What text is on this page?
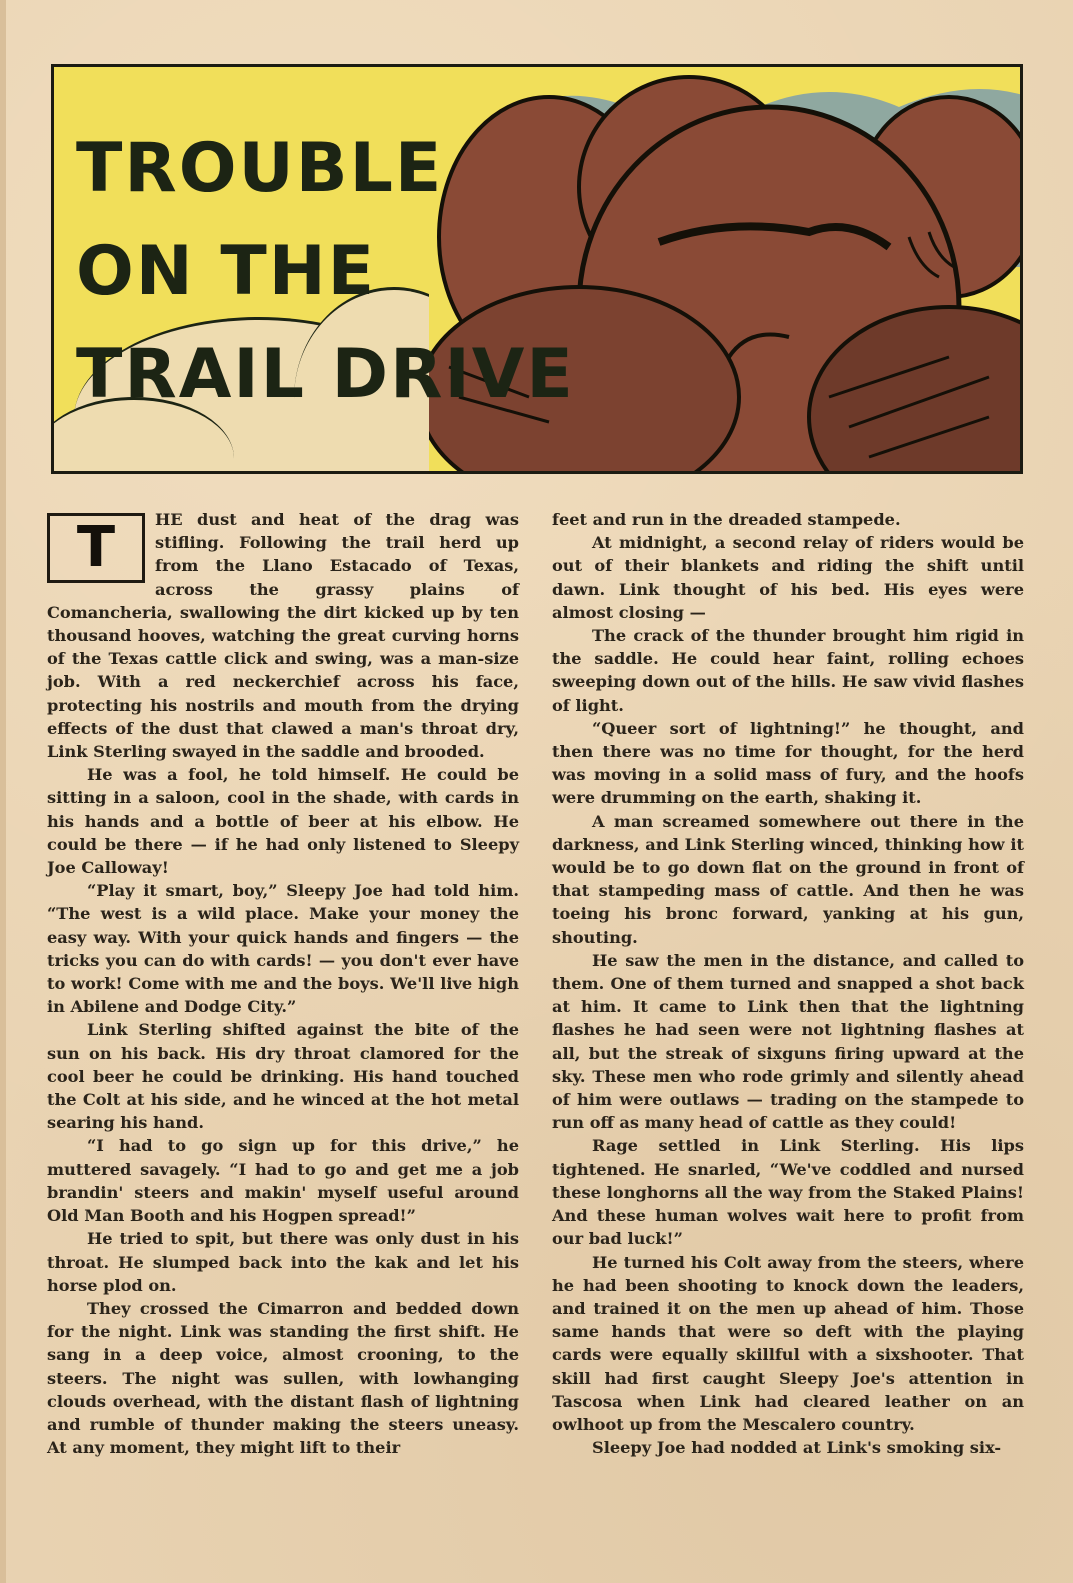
TROUBLE
ON THE
TRAIL DRIVE
T	HE dust and heat of the drag was stifling. Following the trail herd up from the Llano Estacado of Texas, across the grassy plains of Comancheria, swallowing the dirt kicked up by ten thousand hooves, watching the great curving horns of the Texas cattle click and swing, was a man-size job. With a red neckerchief across his face, protecting his nostrils and mouth from the drying effects of the dust that clawed a man's throat dry, Link Sterling swayed in the saddle and brooded.

He was a fool, he told himself. He could be sitting in a saloon, cool in the shade, with cards in his hands and a bottle of beer at his elbow. He could be there — if he had only listened to Sleepy Joe Calloway!

“Play it smart, boy,” Sleepy Joe had told him. “The west is a wild place. Make your money the easy way. With your quick hands and fingers — the tricks you can do with cards! — you don't ever have to work! Come with me and the boys. We'll live high in Abilene and Dodge City.”

Link Sterling shifted against the bite of the sun on his back. His dry throat clamored for the cool beer he could be drinking. His hand touched the Colt at his side, and he winced at the hot metal searing his hand.

“I had to go sign up for this drive,” he muttered savagely. “I had to go and get me a job brandin' steers and makin' myself useful around Old Man Booth and his Hogpen spread!”

He tried to spit, but there was only dust in his throat. He slumped back into the kak and let his horse plod on.

They crossed the Cimarron and bedded down for the night. Link was standing the first shift. He sang in a deep voice, almost crooning, to the steers. The night was sullen, with lowhanging clouds overhead, with the distant flash of lightning and rumble of thunder making the steers uneasy. At any moment, they might lift to their

feet and run in the dreaded stampede.

At midnight, a second relay of riders would be out of their blankets and riding the shift until dawn. Link thought of his bed. His eyes were almost closing —

The crack of the thunder brought him rigid in the saddle. He could hear faint, rolling echoes sweeping down out of the hills. He saw vivid flashes of light.

“Queer sort of lightning!” he thought, and then there was no time for thought, for the herd was moving in a solid mass of fury, and the hoofs were drumming on the earth, shaking it.

A man screamed somewhere out there in the darkness, and Link Sterling winced, thinking how it would be to go down flat on the ground in front of that stampeding mass of cattle. And then he was toeing his bronc forward, yanking at his gun, shouting.

He saw the men in the distance, and called to them. One of them turned and snapped a shot back at him. It came to Link then that the lightning flashes he had seen were not lightning flashes at all, but the streak of sixguns firing upward at the sky. These men who rode grimly and silently ahead of him were outlaws — trading on the stampede to run off as many head of cattle as they could!

Rage settled in Link Sterling. His lips tightened. He snarled, “We've coddled and nursed these longhorns all the way from the Staked Plains! And these human wolves wait here to profit from our bad luck!”

He turned his Colt away from the steers, where he had been shooting to knock down the leaders, and trained it on the men up ahead of him. Those same hands that were so deft with the playing cards were equally skillful with a sixshooter. That skill had first caught Sleepy Joe's attention in Tascosa when Link had cleared leather on an owlhoot up from the Mescalero country.

Sleepy Joe had nodded at Link's smoking six-
